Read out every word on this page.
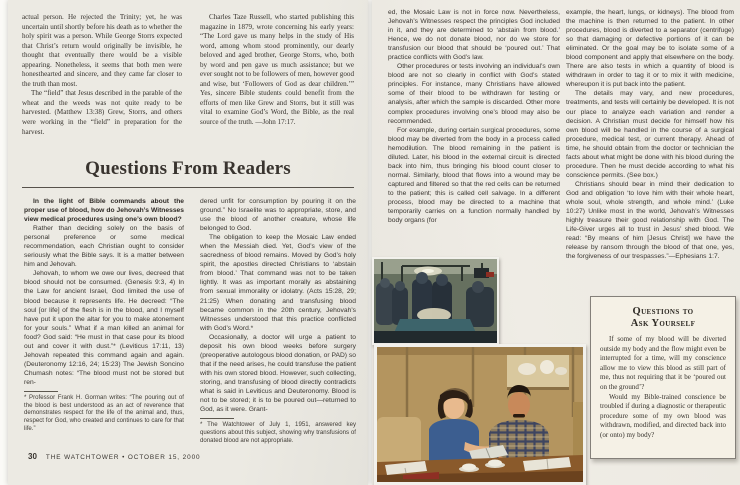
actual person. He rejected the Trinity; yet, he was uncertain until shortly before his death as to whether the holy spirit was a person. While George Storrs expected that Christ’s return would originally be invisible, he thought that eventually there would be a visible appearing. Nonetheless, it seems that both men were honesthearted and sincere, and they came far closer to the truth than most.

The “field” that Jesus described in the parable of the wheat and the weeds was not quite ready to be harvested. (Matthew 13:38) Grew, Storrs, and others were working in the “field” in preparation for the harvest.

Charles Taze Russell, who started publishing this magazine in 1879, wrote concerning his early years: “The Lord gave us many helps in the study of His word, among whom stood prominently, our dearly beloved and aged brother, George Storrs, who, both by word and pen gave us much assistance; but we ever sought not to be followers of men, however good and wise, but ‘Followers of God as dear children.’” Yes, sincere Bible students could benefit from the efforts of men like Grew and Storrs, but it still was vital to examine God’s Word, the Bible, as the real source of the truth. —John 17:17.

Questions From Readers

In the light of Bible commands about the proper use of blood, how do Jehovah’s Witnesses view medical procedures using one’s own blood?

Rather than deciding solely on the basis of personal preference or some medical recommendation, each Christian ought to consider seriously what the Bible says. It is a matter between him and Jehovah.

Jehovah, to whom we owe our lives, decreed that blood should not be consumed. (Genesis 9:3, 4) In the Law for ancient Israel, God limited the use of blood because it represents life. He decreed: “The soul [or life] of the flesh is in the blood, and I myself have put it upon the altar for you to make atonement for your souls.” What if a man killed an animal for food? God said: “He must in that case pour its blood out and cover it with dust.”* (Leviticus 17:11, 13) Jehovah repeated this command again and again. (Deuteronomy 12:16, 24; 15:23) The Jewish Soncino Chumash notes: “The blood must not be stored but ren-

* Professor Frank H. Gorman writes: “The pouring out of the blood is best understood as an act of reverence that demonstrates respect for the life of the animal and, thus, respect for God, who created and continues to care for that life.”

dered unfit for consumption by pouring it on the ground.” No Israelite was to appropriate, store, and use the blood of another creature, whose life belonged to God.

The obligation to keep the Mosaic Law ended when the Messiah died. Yet, God’s view of the sacredness of blood remains. Moved by God’s holy spirit, the apostles directed Christians to ‘abstain from blood.’ That command was not to be taken lightly. It was as important morally as abstaining from sexual immorality or idolatry. (Acts 15:28, 29; 21:25) When donating and transfusing blood became common in the 20th century, Jehovah’s Witnesses understood that this practice conflicted with God’s Word.*

Occasionally, a doctor will urge a patient to deposit his own blood weeks before surgery (preoperative autologous blood donation, or PAD) so that if the need arises, he could transfuse the patient with his own stored blood. However, such collecting, storing, and transfusing of blood directly contradicts what is said in Leviticus and Deuteronomy. Blood is not to be stored; it is to be poured out—returned to God, as it were. Grant-

* The Watchtower of July 1, 1951, answered key questions about this subject, showing why transfusions of donated blood are not appropriate.
30 THE WATCHTOWER • OCTOBER 15, 2000

ed, the Mosaic Law is not in force now. Nevertheless, Jehovah’s Witnesses respect the principles God included in it, and they are determined to ‘abstain from blood.’ Hence, we do not donate blood, nor do we store for transfusion our blood that should be ‘poured out.’ That practice conflicts with God’s law.

Other procedures or tests involving an individual’s own blood are not so clearly in conflict with God’s stated principles. For instance, many Christians have allowed some of their blood to be withdrawn for testing or analysis, after which the sample is discarded. Other more complex procedures involving one’s blood may also be recommended.

For example, during certain surgical procedures, some blood may be diverted from the body in a process called hemodilution. The blood remaining in the patient is diluted. Later, his blood in the external circuit is directed back into him, thus bringing his blood count closer to normal. Similarly, blood that flows into a wound may be captured and filtered so that the red cells can be returned to the patient; this is called cell salvage. In a different process, blood may be directed to a machine that temporarily carries on a function normally handled by body organs (for

example, the heart, lungs, or kidneys). The blood from the machine is then returned to the patient. In other procedures, blood is diverted to a separator (centrifuge) so that damaging or defective portions of it can be eliminated. Or the goal may be to isolate some of a blood component and apply that elsewhere on the body. There are also tests in which a quantity of blood is withdrawn in order to tag it or to mix it with medicine, whereupon it is put back into the patient.

The details may vary, and new procedures, treatments, and tests will certainly be developed. It is not our place to analyze each variation and render a decision. A Christian must decide for himself how his own blood will be handled in the course of a surgical procedure, medical test, or current therapy. Ahead of time, he should obtain from the doctor or technician the facts about what might be done with his blood during the procedure. Then he must decide according to what his conscience permits. (See box.)

Christians should bear in mind their dedication to God and obligation ‘to love him with their whole heart, whole soul, whole strength, and whole mind.’ (Luke 10:27) Unlike most in the world, Jehovah’s Witnesses highly treasure their good relationship with God. The Life-Giver urges all to trust in Jesus’ shed blood. We read: “By means of him [Jesus Christ] we have the release by ransom through the blood of that one, yes, the forgiveness of our trespasses.”—Ephesians 1:7.

Questions to
Ask Yourself

If some of my blood will be diverted outside my body and the flow might even be interrupted for a time, will my conscience allow me to view this blood as still part of me, thus not requiring that it be ‘poured out on the ground’?

Would my Bible-trained conscience be troubled if during a diagnostic or therapeutic procedure some of my own blood was withdrawn, modified, and directed back into (or onto) my body?
